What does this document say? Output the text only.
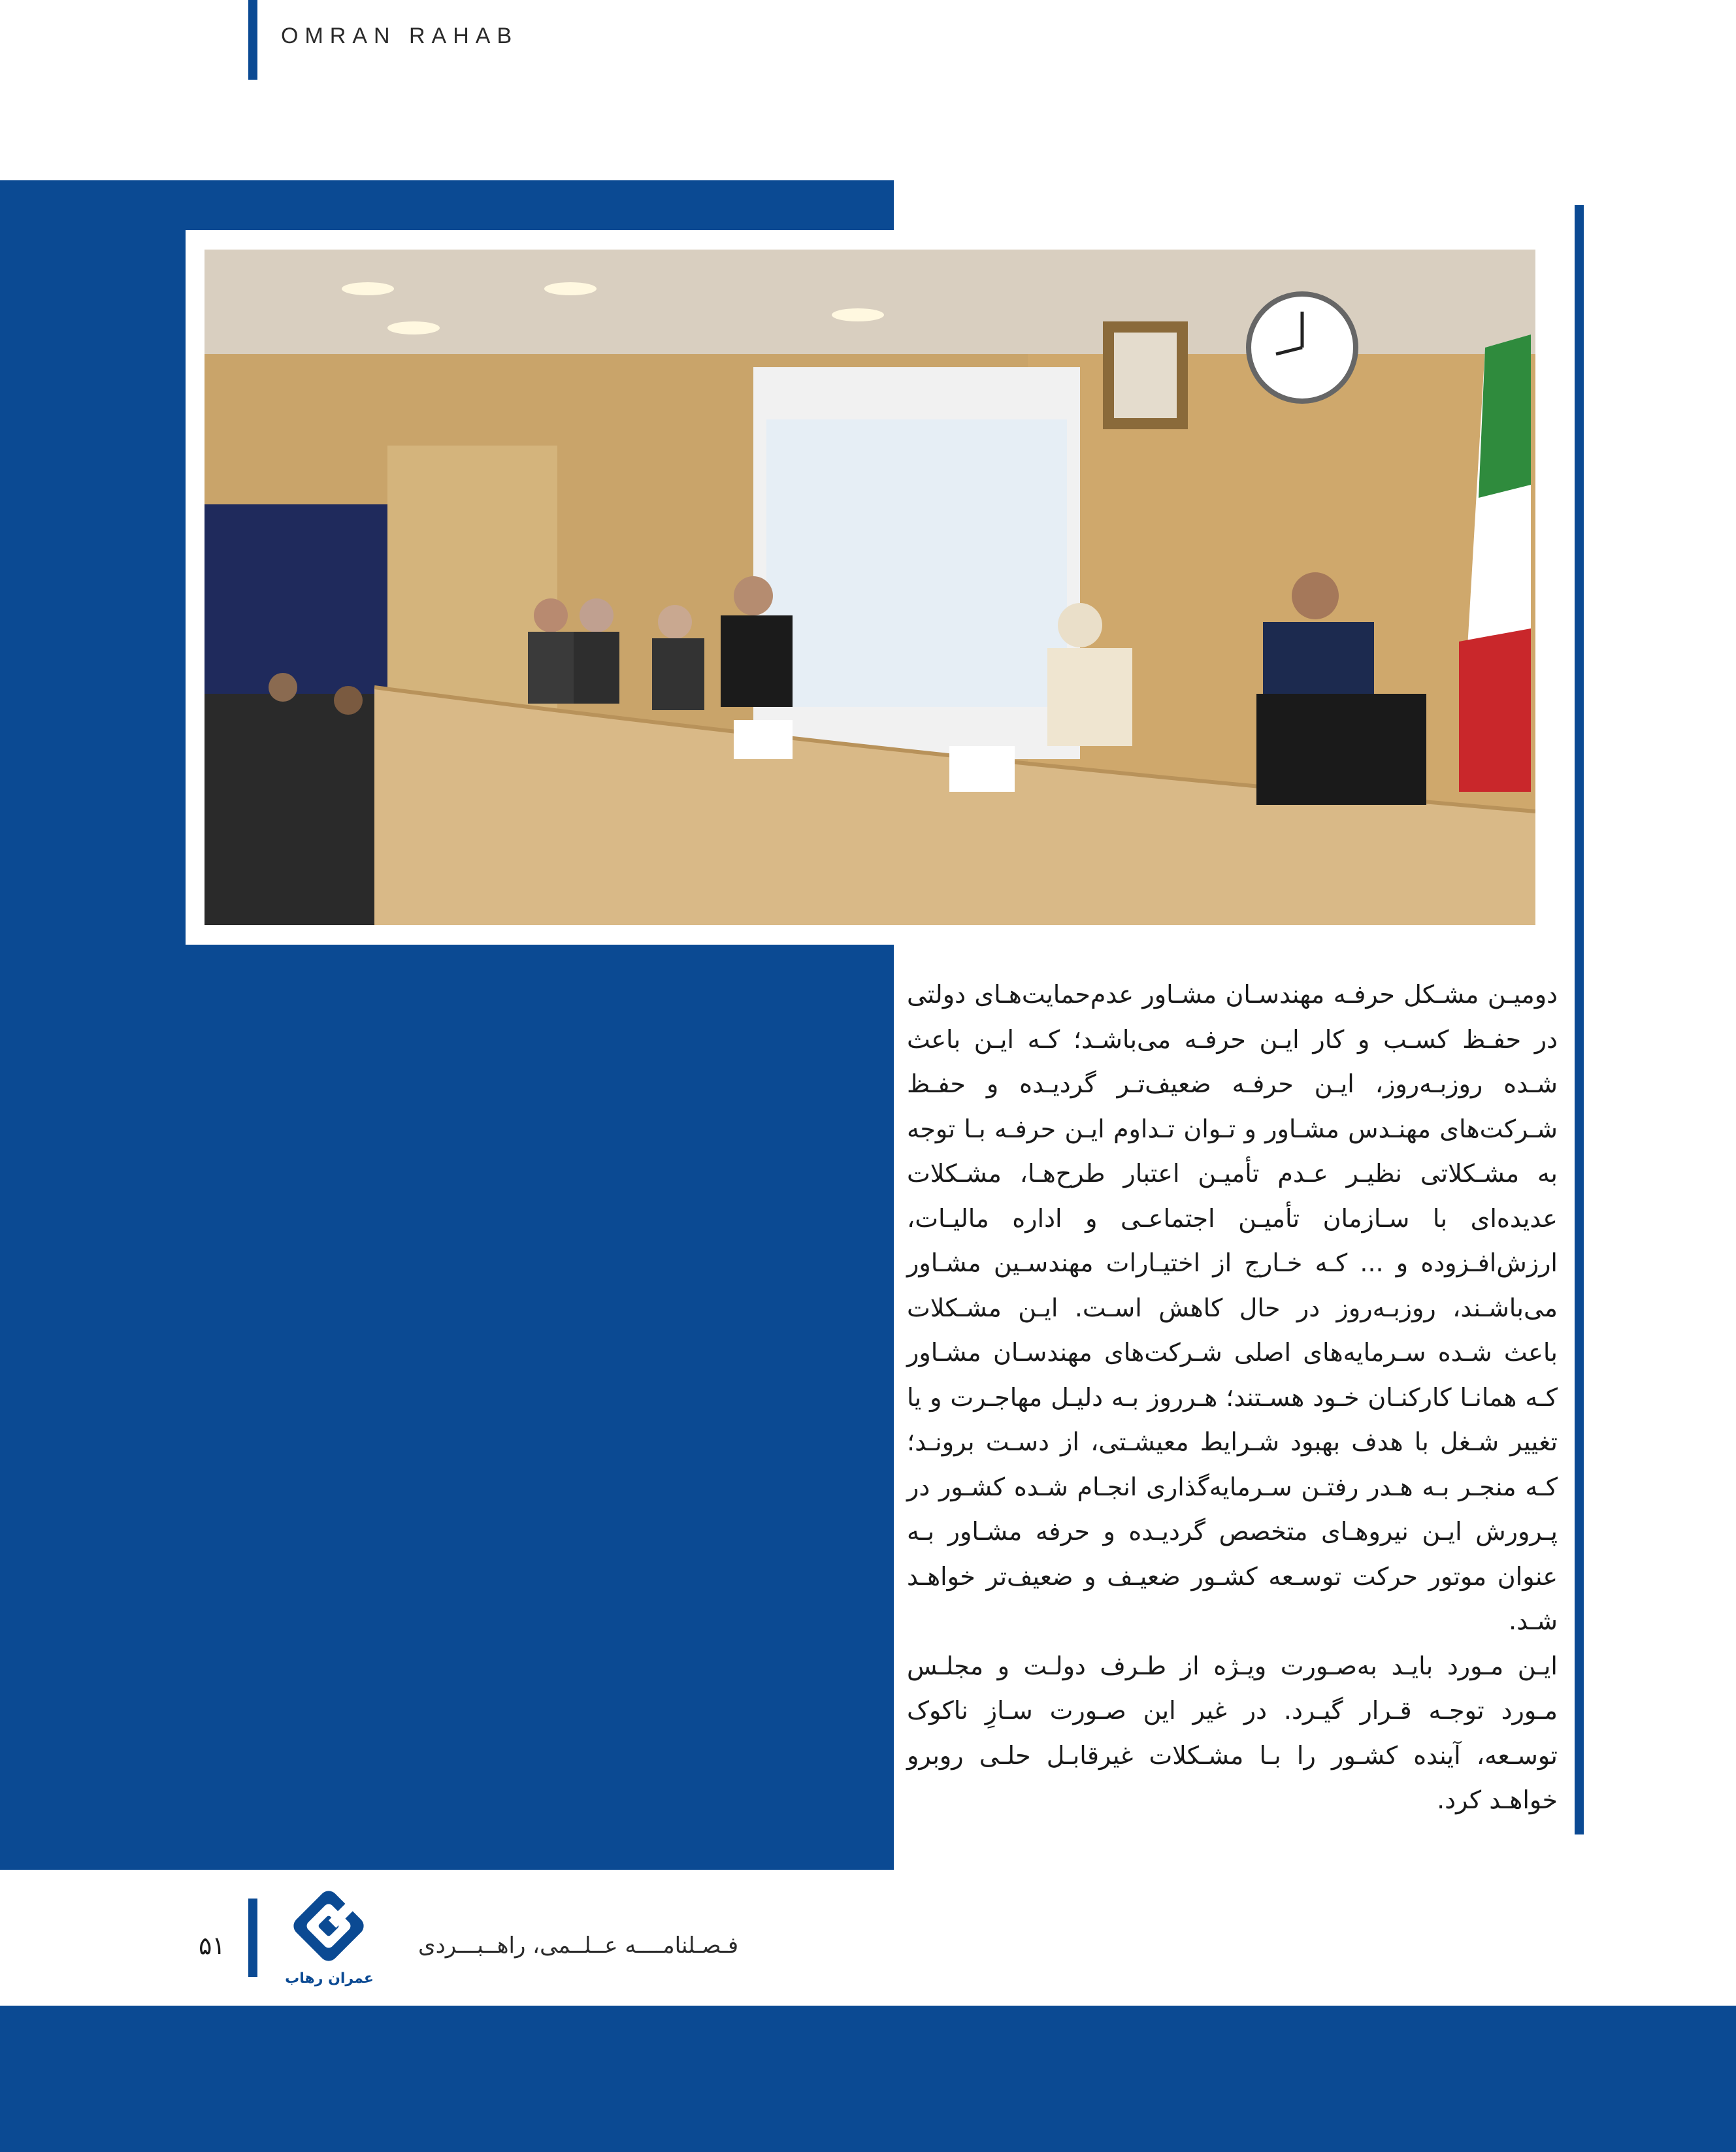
OMRAN RAHAB

دومیـن مشـکل حرفـه مهندسـان مشـاور عدم‌حمایت‌هـای دولتی در حفـظ کسـب و کار ایـن حرفـه می‌باشـد؛ کـه ایـن باعث شـده روزبـه‌روز، ایـن حرفـه ضعیف‌تـر گردیـده و حفـظ شـرکت‌های مهنـدس مشـاور و تـوان تـداوم ایـن حرفـه بـا توجه به مشـکلاتی نظیـر عـدم تأمیـن اعتبار طرح‌هـا، مشـکلات عدیده‌ای با سـازمان تأمیـن اجتماعـی و اداره مالیـات، ارزش‌افـزوده و ... کـه خـارج از اختیـارات مهندسـین مشـاور می‌باشـند، روزبـه‌روز در حال کاهش اسـت. ایـن مشـکلات باعث شـده سـرمایه‌های اصلی شـرکت‌های مهندسـان مشـاور کـه همانـا کارکنـان خـود هسـتند؛ هـرروز بـه دلیـل مهاجـرت و یا تغییر شـغل با هدف بهبود شـرایط معیشـتی، از دسـت برونـد؛ کـه منجـر بـه هـدر رفتـن سـرمایه‌گذاری انجـام شـده کشـور در پـرورش ایـن نیروهـای متخصص گردیـده و حرفه مشـاور بـه عنوان موتور حرکت توسـعه کشـور ضعیـف و ضعیف‌تر خواهـد شـد.

ایـن مـورد بایـد به‌صـورت ویـژه از طـرف دولـت و مجلـس مـورد توجـه قـرار گیـرد. در غیر این صـورت سـازِ ناکوک توسـعه، آینده کشـور را بـا مشـکلات غیرقابـل حلـی روبرو خواهـد کرد.

۵۱
عمران رهاب
فـصـلنامــــه عــلــمی، راهــبـــردی
